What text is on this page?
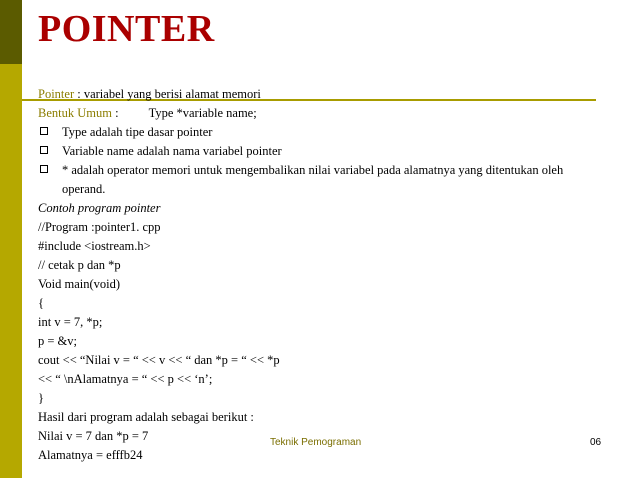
POINTER
Pointer : variabel yang berisi alamat memori
Bentuk Umum : Type *variable name;
Type adalah tipe dasar pointer
Variable name adalah nama variabel pointer
* adalah operator memori untuk mengembalikan nilai variabel pada alamatnya yang ditentukan oleh operand.
Contoh program pointer
//Program :pointer1. cpp
#include <iostream.h>
// cetak p dan *p
Void main(void)
{
int v = 7, *p;
p = &v;
cout << “Nilai v = “ << v << “ dan *p = “ << *p
<< “ \nAlamatnya = “ << p << ‘n’;
}
Hasil dari program adalah sebagai berikut :
Nilai v = 7 dan *p = 7
Alamatnya = efffb24
Teknik Pemograman	06
